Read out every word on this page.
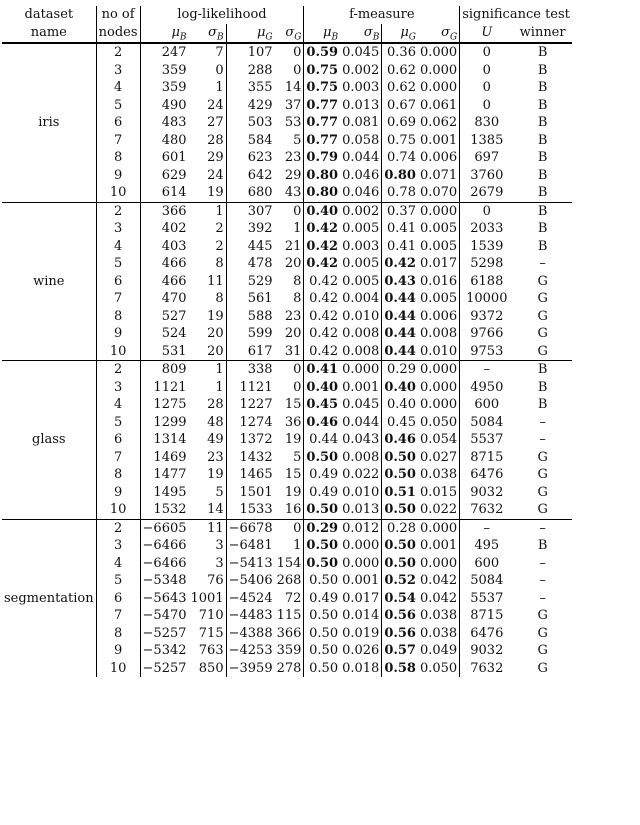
dataset	no of	log-likelihood				f-measure				significance test	
name	nodes	$\mu_B$	$\sigma_B$	$\mu_G$	$\sigma_G$	$\mu_B$	$\sigma_B$	$\mu_G$	$\sigma_G$	U	winner
iris	2	247	7	107	0	0.59	0.045	0.36	0.000	0	B
	3	359	0	288	0	0.75	0.002	0.62	0.000	0	B
	4	359	1	355	14	0.75	0.003	0.62	0.000	0	B
	5	490	24	429	37	0.77	0.013	0.67	0.061	0	B
	6	483	27	503	53	0.77	0.081	0.69	0.062	830	B
	7	480	28	584	5	0.77	0.058	0.75	0.001	1385	B
	8	601	29	623	23	0.79	0.044	0.74	0.006	697	B
	9	629	24	642	29	0.80	0.046	0.80	0.071	3760	B
	10	614	19	680	43	0.80	0.046	0.78	0.070	2679	B
wine	2	366	1	307	0	0.40	0.002	0.37	0.000	0	B
	3	402	2	392	1	0.42	0.005	0.41	0.005	2033	B
	4	403	2	445	21	0.42	0.003	0.41	0.005	1539	B
	5	466	8	478	20	0.42	0.005	0.42	0.017	5298	–
	6	466	11	529	8	0.42	0.005	0.43	0.016	6188	G
	7	470	8	561	8	0.42	0.004	0.44	0.005	10000	G
	8	527	19	588	23	0.42	0.010	0.44	0.006	9372	G
	9	524	20	599	20	0.42	0.008	0.44	0.008	9766	G
	10	531	20	617	31	0.42	0.008	0.44	0.010	9753	G
glass	2	809	1	338	0	0.41	0.000	0.29	0.000	–	B
	3	1121	1	1121	0	0.40	0.001	0.40	0.000	4950	B
	4	1275	28	1227	15	0.45	0.045	0.40	0.000	600	B
	5	1299	48	1274	36	0.46	0.044	0.45	0.050	5084	–
	6	1314	49	1372	19	0.44	0.043	0.46	0.054	5537	–
	7	1469	23	1432	5	0.50	0.008	0.50	0.027	8715	G
	8	1477	19	1465	15	0.49	0.022	0.50	0.038	6476	G
	9	1495	5	1501	19	0.49	0.010	0.51	0.015	9032	G
	10	1532	14	1533	16	0.50	0.013	0.50	0.022	7632	G
segmentation	2	−6605	11	−6678	0	0.29	0.012	0.28	0.000	–	–
	3	−6466	3	−6481	1	0.50	0.000	0.50	0.001	495	B
	4	−6466	3	−5413	154	0.50	0.000	0.50	0.000	600	–
	5	−5348	76	−5406	268	0.50	0.001	0.52	0.042	5084	–
	6	−5643	1001	−4524	72	0.49	0.017	0.54	0.042	5537	–
	7	−5470	710	−4483	115	0.50	0.014	0.56	0.038	8715	G
	8	−5257	715	−4388	366	0.50	0.019	0.56	0.038	6476	G
	9	−5342	763	−4253	359	0.50	0.026	0.57	0.049	9032	G
	10	−5257	850	−3959	278	0.50	0.018	0.58	0.050	7632	G
